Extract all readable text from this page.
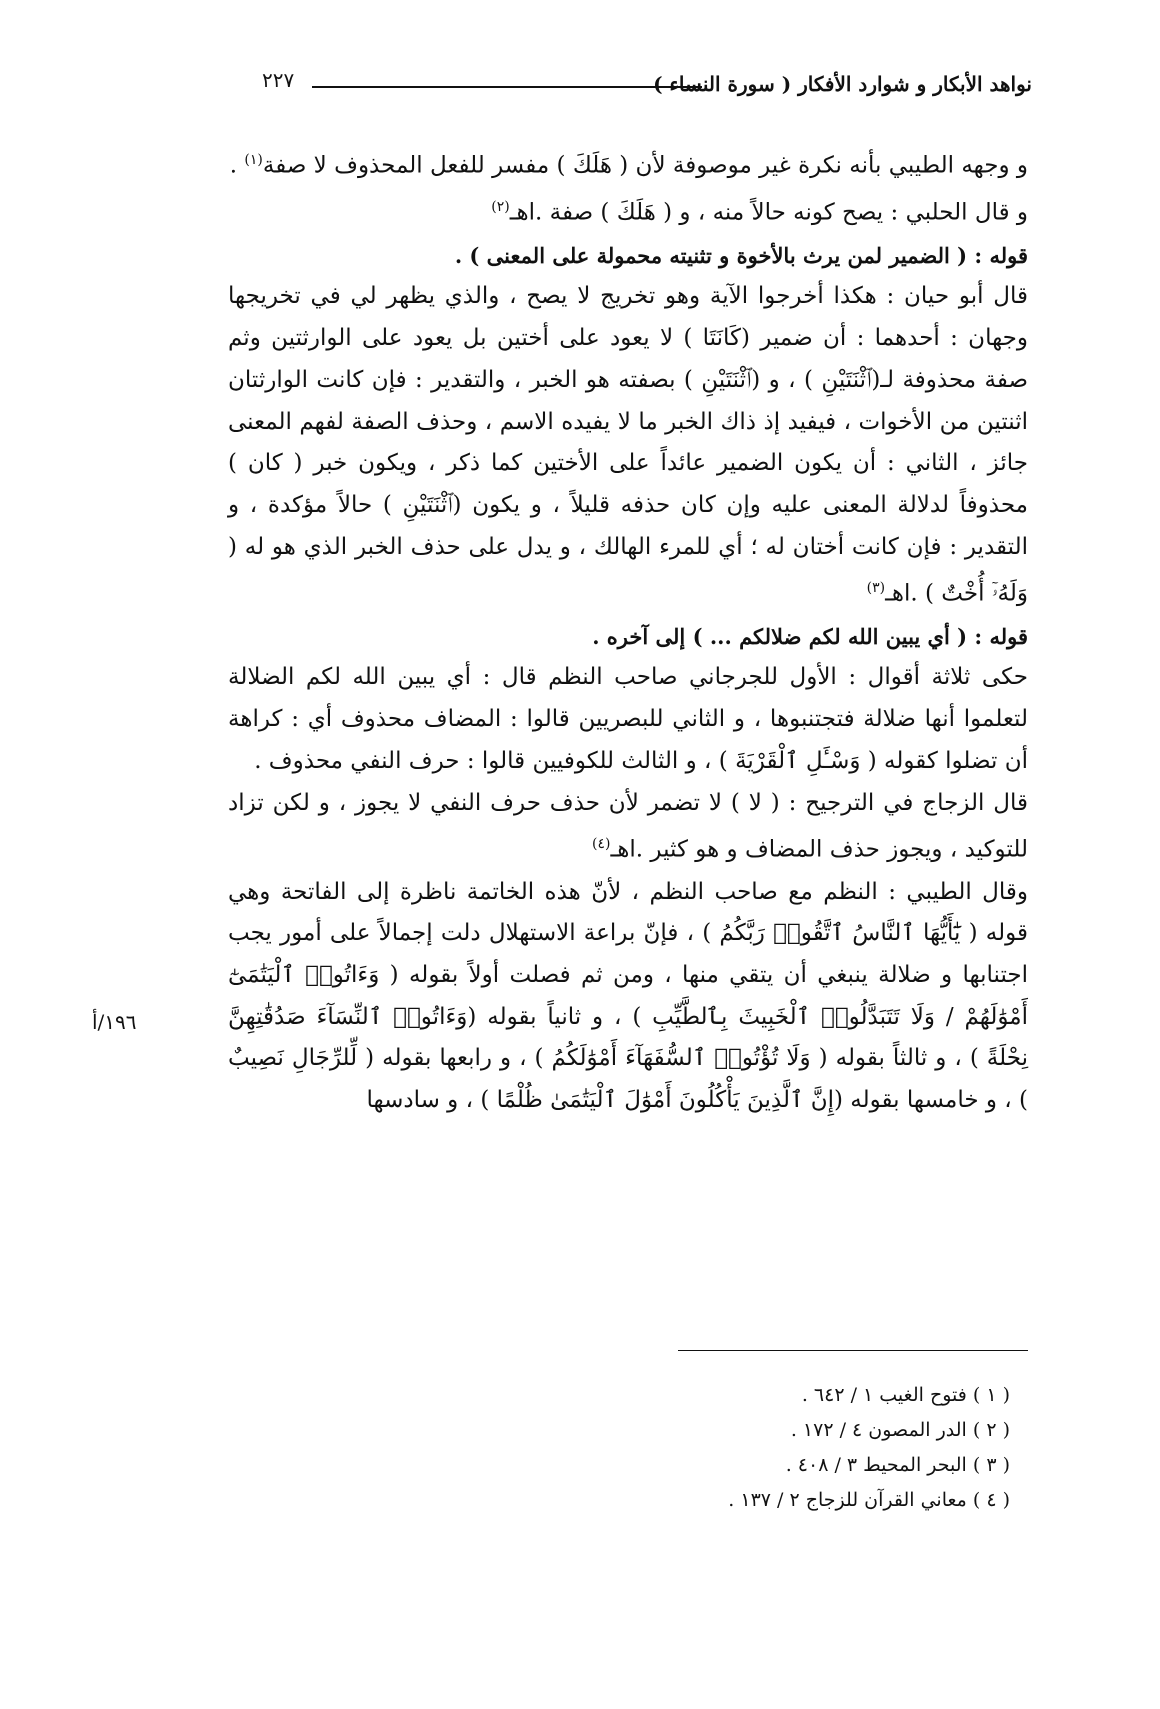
٢٢٧	نواهد الأبكار و شوارد الأفكار ( سورة النساء )

و وجهه الطيبي بأنه نكرة غير موصوفة لأن ( هَلَكَ ) مفسر للفعل المحذوف لا صفة$^{(١)}$ .

و قال الحلبي : يصح كونه حالاً منه ، و ( هَلَكَ ) صفة .اهـ$^{(٢)}$

قوله : ( الضمير لمن يرث بالأخوة و تثنيته محمولة على المعنى ) .

قال أبو حيان : هكذا أخرجوا الآية وهو تخريج لا يصح ، والذي يظهر لي في تخريجها وجهان : أحدهما : أن ضمير (كَانَتَا ) لا يعود على أختين بل يعود على الوارثتين وثم صفة محذوفة لـ(ٱثْنَتَيْنِ ) ، و (ٱثْنَتَيْنِ ) بصفته هو الخبر ، والتقدير : فإن كانت الوارثتان اثنتين من الأخوات ، فيفيد إذ ذاك الخبر ما لا يفيده الاسم ، وحذف الصفة لفهم المعنى جائز ، الثاني : أن يكون الضمير عائداً على الأختين كما ذكر ، ويكون خبر ( كان ) محذوفاً لدلالة المعنى عليه وإن كان حذفه قليلاً ، و يكون (ٱثْنَتَيْنِ ) حالاً مؤكدة ، و التقدير : فإن كانت أختان له ؛ أي للمرء الهالك ، و يدل على حذف الخبر الذي هو له ( وَلَهُۥٓ أُخْتٌ ) .اهـ$^{(٣)}$

قوله : ( أي يبين الله لكم ضلالكم ... ) إلى آخره .

حكى ثلاثة أقوال : الأول للجرجاني صاحب النظم قال : أي يبين الله لكم الضلالة لتعلموا أنها ضلالة فتجتنبوها ، و الثاني للبصريين قالوا : المضاف محذوف أي : كراهة أن تضلوا كقوله ( وَسْـَٔلِ ٱلْقَرْيَةَ ) ، و الثالث للكوفيين قالوا : حرف النفي محذوف .

قال الزجاج في الترجيح : ( لا ) لا تضمر لأن حذف حرف النفي لا يجوز ، و لكن تزاد للتوكيد ، ويجوز حذف المضاف و هو كثير .اهـ$^{(٤)}$

وقال الطيبي : النظم مع صاحب النظم ، لأنّ هذه الخاتمة ناظرة إلى الفاتحة وهي قوله ( يَٰٓأَيُّهَا ٱلنَّاسُ ٱتَّقُوا۟ رَبَّكُمُ ) ، فإنّ براعة الاستهلال دلت إجمالاً على أمور يجب اجتنابها و ضلالة ينبغي أن يتقي منها ، ومن ثم فصلت أولاً بقوله ( وَءَاتُوا۟ ٱلْيَتَٰمَىٰٓ أَمْوَٰلَهُمْ / وَلَا تَتَبَدَّلُوا۟ ٱلْخَبِيثَ بِٱلطَّيِّبِ ) ، و ثانياً بقوله (وَءَاتُوا۟ ٱلنِّسَآءَ صَدُقَٰتِهِنَّ نِحْلَةً ) ، و ثالثاً بقوله ( وَلَا تُؤْتُوا۟ ٱلسُّفَهَآءَ أَمْوَٰلَكُمُ ) ، و رابعها بقوله ( لِّلرِّجَالِ نَصِيبٌ ) ، و خامسها بقوله (إِنَّ ٱلَّذِينَ يَأْكُلُونَ أَمْوَٰلَ ٱلْيَتَٰمَىٰ ظُلْمًا ) ، و سادسها

١٩٦/أ
( ١ ) فتوح الغيب ١ / ٦٤٢ .
( ٢ ) الدر المصون ٤ / ١٧٢ .
( ٣ ) البحر المحيط ٣ / ٤٠٨ .
( ٤ ) معاني القرآن للزجاج ٢ / ١٣٧ .
